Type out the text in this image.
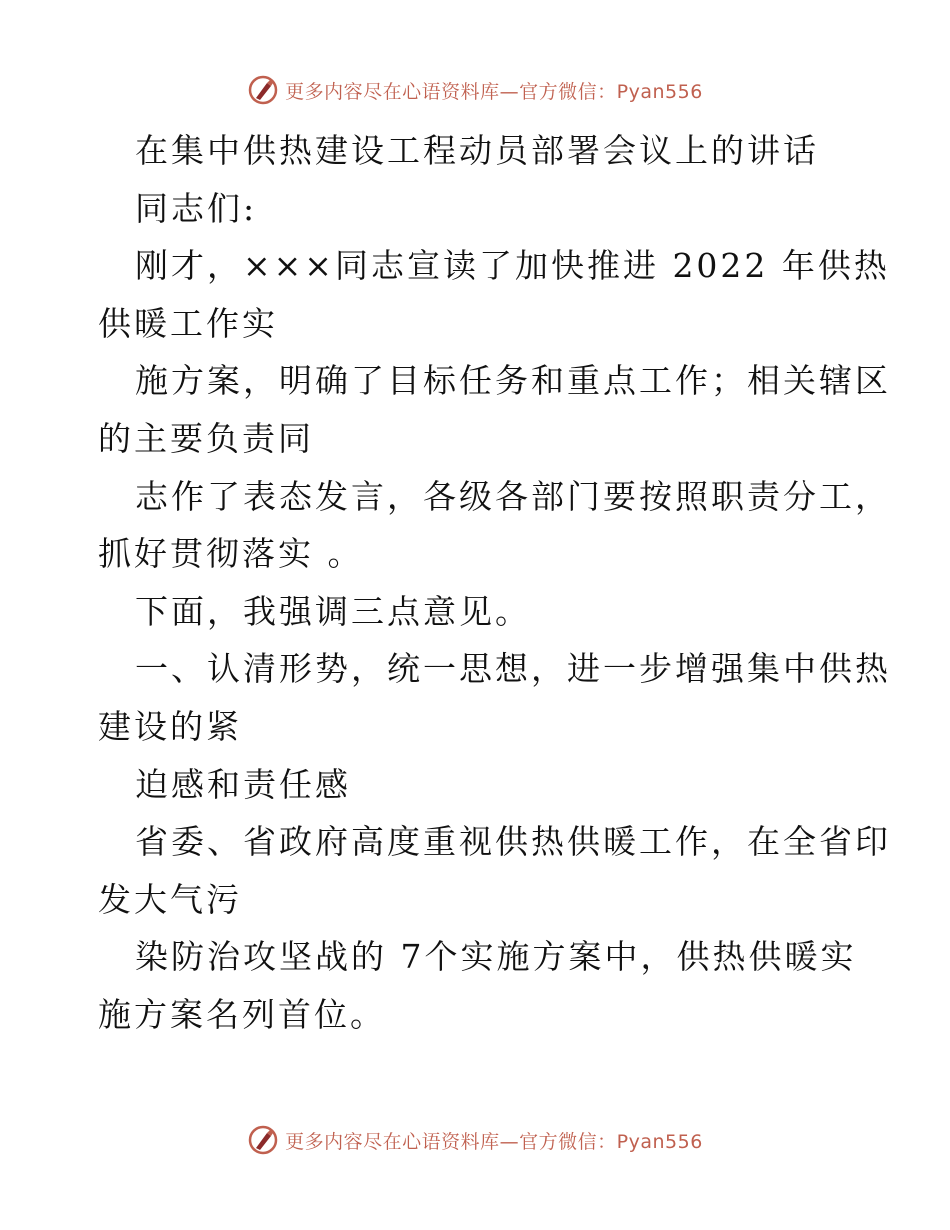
更多内容尽在心语资料库—官方微信：Pyan556
在集中供热建设工程动员部署会议上的讲话
同志们:
刚才，×××同志宣读了加快推进 2022 年供热
供暖工作实
施方案，明确了目标任务和重点工作；相关辖区
的主要负责同
志作了表态发言，各级各部门要按照职责分工，
抓好贯彻落实 。
下面，我强调三点意见。
一、认清形势，统一思想，进一步增强集中供热
建设的紧
迫感和责任感
省委、省政府高度重视供热供暖工作，在全省印
发大气污
染防治攻坚战的 7个实施方案中，供热供暖实
施方案名列首位。
更多内容尽在心语资料库—官方微信：Pyan556
